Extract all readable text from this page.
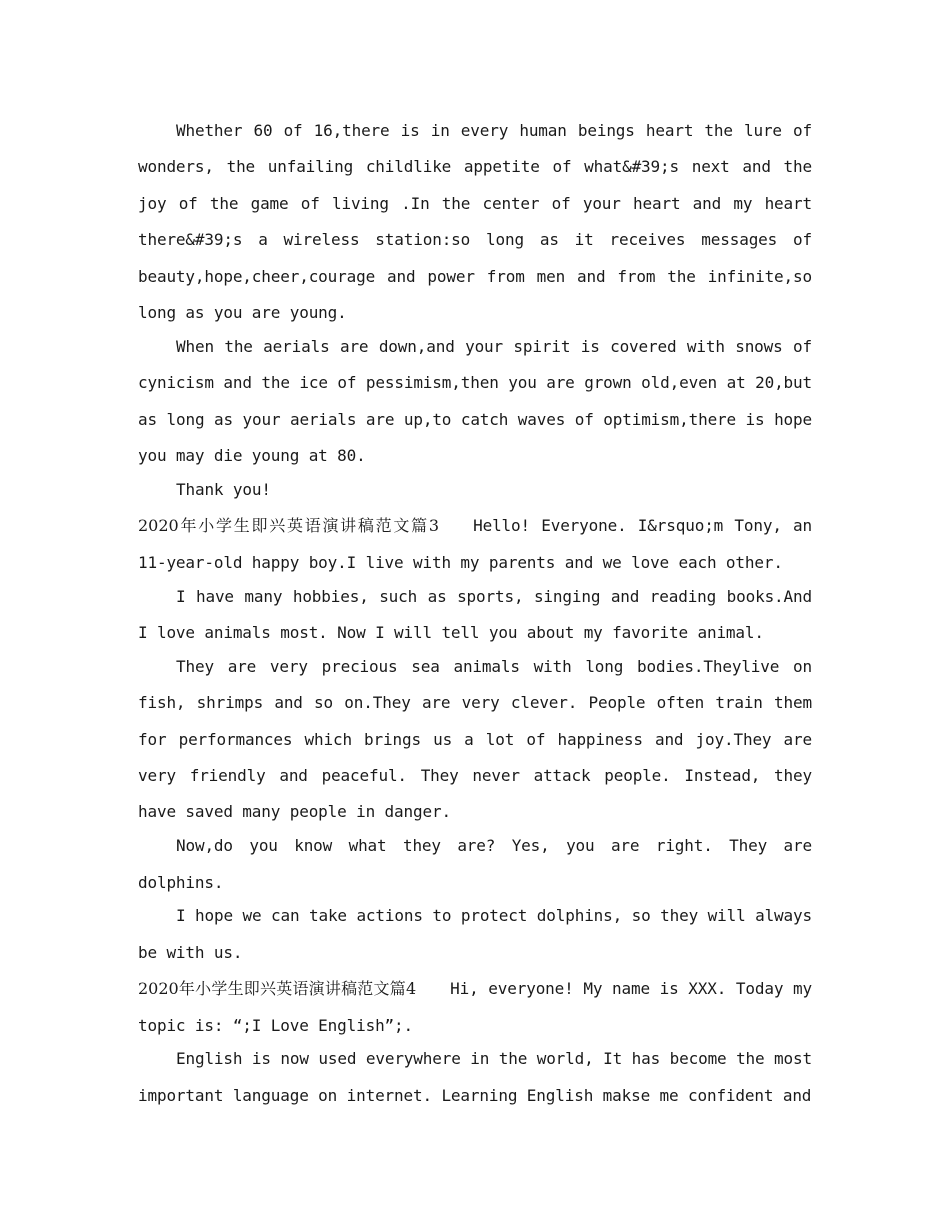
Whether 60 of 16,there is in every human beings heart the lure of wonders, the unfailing childlike appetite of what&#39;s next and the joy of the game of living .In the center of your heart and my heart there&#39;s a wireless station:so long as it receives messages of beauty,hope,cheer,courage and power from men and from the infinite,so long as you are young.

When the aerials are down,and your spirit is covered with snows of cynicism and the ice of pessimism,then you are grown old,even at 20,but as long as your aerials are up,to catch waves of optimism,there is hope you may die young at 80.

Thank you!

2020年小学生即兴英语演讲稿范文篇3 Hello! Everyone. I&rsquo;m Tony, an 11-year-old happy boy.I live with my parents and we love each other.

I have many hobbies, such as sports, singing and reading books.And I love animals most. Now I will tell you about my favorite animal.

They are very precious sea animals with long bodies.Theylive on fish, shrimps and so on.They are very clever. People often train them for performances which brings us a lot of happiness and joy.They are very friendly and peaceful. They never attack people. Instead, they have saved many people in danger.

Now,do you know what they are? Yes, you are right. They are dolphins.

I hope we can take actions to protect dolphins, so they will always be with us.

2020年小学生即兴英语演讲稿范文篇4 Hi, everyone! My name is XXX. Today my topic is: “;I Love English”;.

English is now used everywhere in the world, It has become the most important language on internet. Learning English makse me confident and
